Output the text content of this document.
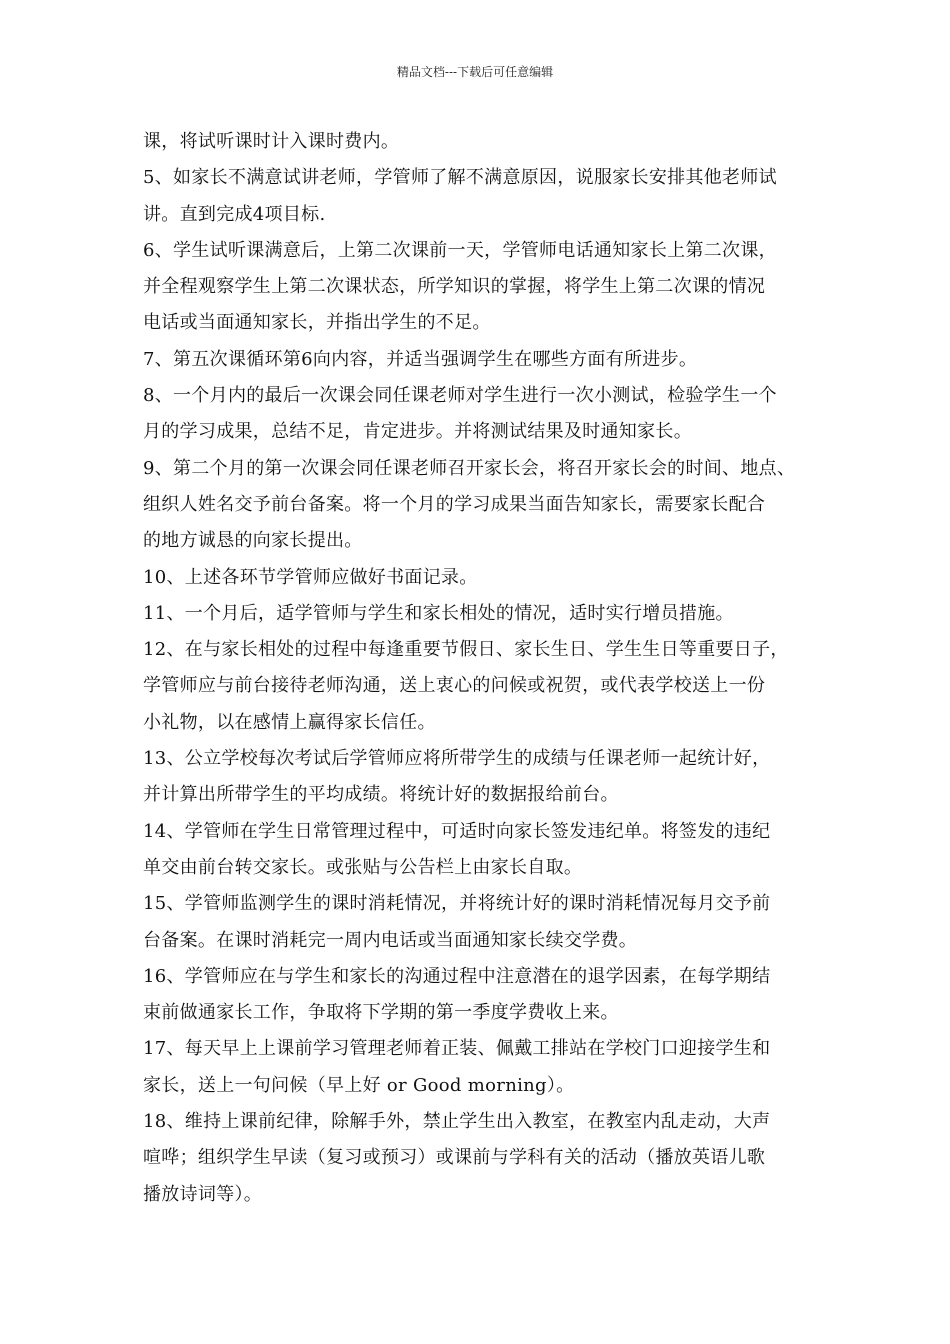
精品文档---下载后可任意编辑
课，将试听课时计入课时费内。
5、如家长不满意试讲老师，学管师了解不满意原因，说服家长安排其他老师试
讲。直到完成4项目标.
6、学生试听课满意后，上第二次课前一天，学管师电话通知家长上第二次课，
并全程观察学生上第二次课状态，所学知识的掌握，将学生上第二次课的情况
电话或当面通知家长，并指出学生的不足。
7、第五次课循环第6向内容，并适当强调学生在哪些方面有所进步。
8、一个月内的最后一次课会同任课老师对学生进行一次小测试，检验学生一个
月的学习成果，总结不足，肯定进步。并将测试结果及时通知家长。
9、第二个月的第一次课会同任课老师召开家长会，将召开家长会的时间、地点、
组织人姓名交予前台备案。将一个月的学习成果当面告知家长，需要家长配合
的地方诚恳的向家长提出。
10、上述各环节学管师应做好书面记录。
11、一个月后，适学管师与学生和家长相处的情况，适时实行增员措施。
12、在与家长相处的过程中每逢重要节假日、家长生日、学生生日等重要日子，
学管师应与前台接待老师沟通，送上衷心的问候或祝贺，或代表学校送上一份
小礼物，以在感情上赢得家长信任。
13、公立学校每次考试后学管师应将所带学生的成绩与任课老师一起统计好，
并计算出所带学生的平均成绩。将统计好的数据报给前台。
14、学管师在学生日常管理过程中，可适时向家长签发违纪单。将签发的违纪
单交由前台转交家长。或张贴与公告栏上由家长自取。
15、学管师监测学生的课时消耗情况，并将统计好的课时消耗情况每月交予前
台备案。在课时消耗完一周内电话或当面通知家长续交学费。
16、学管师应在与学生和家长的沟通过程中注意潜在的退学因素，在每学期结
束前做通家长工作，争取将下学期的第一季度学费收上来。
17、每天早上上课前学习管理老师着正装、佩戴工排站在学校门口迎接学生和
家长，送上一句问候（早上好 or Good morning）。
18、维持上课前纪律，除解手外，禁止学生出入教室，在教室内乱走动，大声
喧哗；组织学生早读（复习或预习）或课前与学科有关的活动（播放英语儿歌
播放诗词等）。
